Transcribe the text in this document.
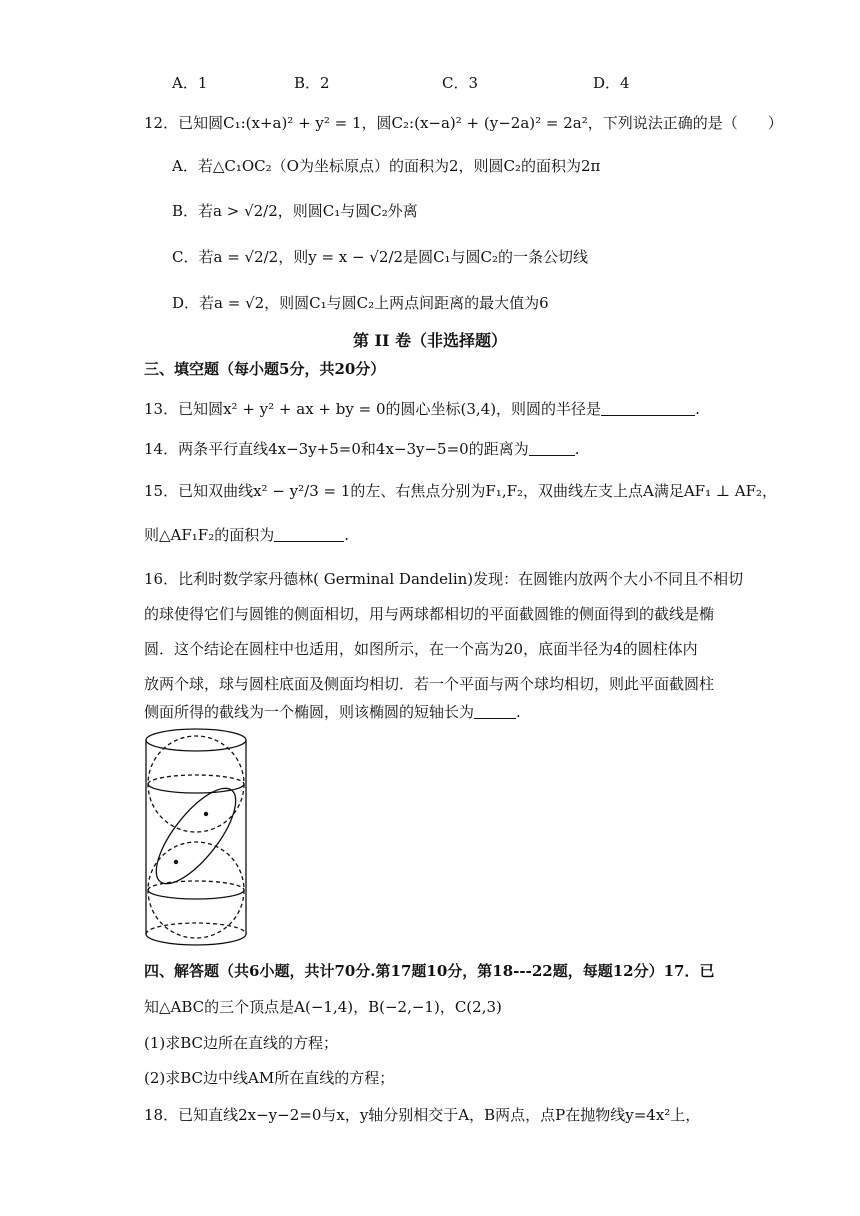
A．1	B．2	C．3	D．4
12．已知圆C₁:(x+a)² + y² = 1，圆C₂:(x−a)² + (y−2a)² = 2a²，下列说法正确的是（　　）
A．若△C₁OC₂（O为坐标原点）的面积为2，则圆C₂的面积为2π
B．若a > √2/2，则圆C₁与圆C₂外离
C．若a = √2/2，则y = x − √2/2是圆C₁与圆C₂的一条公切线
D．若a = √2，则圆C₁与圆C₂上两点间距离的最大值为6
第 II 卷（非选择题）
三、填空题（每小题5分，共20分）
13．已知圆x² + y² + ax + by = 0的圆心坐标(3,4)，则圆的半径是	.
14．两条平行直线4x−3y+5=0和4x−3y−5=0的距离为	.
15．已知双曲线x² − y²/3 = 1的左、右焦点分别为F₁,F₂，双曲线左支上点A满足AF₁ ⊥ AF₂，
则△AF₁F₂的面积为	.
16．比利时数学家丹德林( Germinal Dandelin)发现：在圆锥内放两个大小不同且不相切
的球使得它们与圆锥的侧面相切，用与两球都相切的平面截圆锥的侧面得到的截线是椭
圆．这个结论在圆柱中也适用，如图所示，在一个高为20，底面半径为4的圆柱体内
放两个球，球与圆柱底面及侧面均相切．若一个平面与两个球均相切，则此平面截圆柱
侧面所得的截线为一个椭圆，则该椭圆的短轴长为	.
四、解答题（共6小题，共计70分.第17题10分，第18---22题，每题12分）17．已
知△ABC的三个顶点是A(−1,4)，B(−2,−1)，C(2,3)
(1)求BC边所在直线的方程；
(2)求BC边中线AM所在直线的方程；
18．已知直线2x−y−2=0与x，y轴分别相交于A，B两点，点P在抛物线y=4x²上，
